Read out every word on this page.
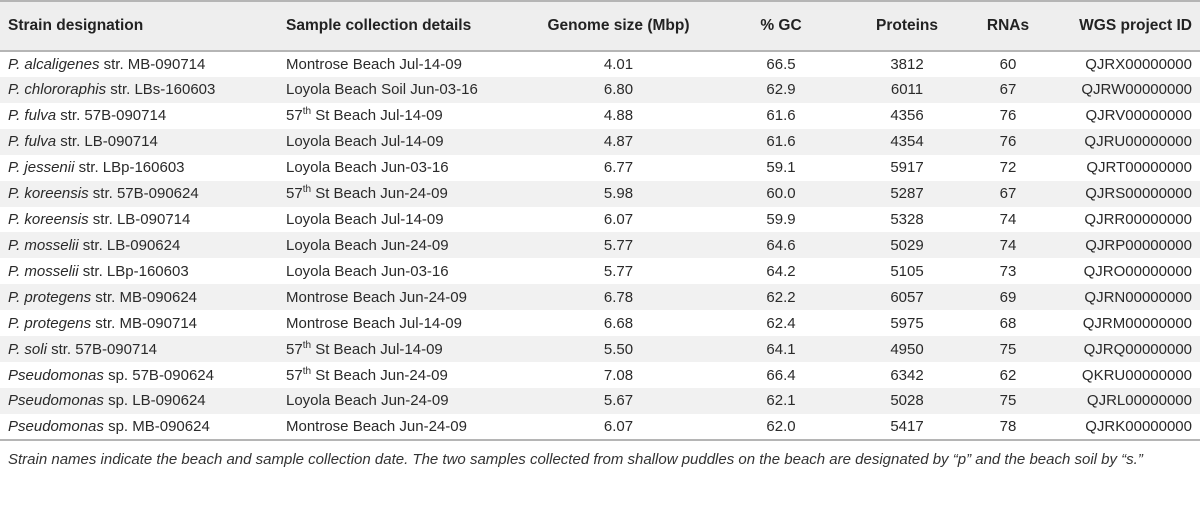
Strain designation	Sample collection details	Genome size (Mbp)	% GC	Proteins	RNAs	WGS project ID
P. alcaligenes str. MB-090714	Montrose Beach Jul-14-09	4.01	66.5	3812	60	QJRX00000000
P. chlororaphis str. LBs-160603	Loyola Beach Soil Jun-03-16	6.80	62.9	6011	67	QJRW00000000
P. fulva str. 57B-090714	57th St Beach Jul-14-09	4.88	61.6	4356	76	QJRV00000000
P. fulva str. LB-090714	Loyola Beach Jul-14-09	4.87	61.6	4354	76	QJRU00000000
P. jessenii str. LBp-160603	Loyola Beach Jun-03-16	6.77	59.1	5917	72	QJRT00000000
P. koreensis str. 57B-090624	57th St Beach Jun-24-09	5.98	60.0	5287	67	QJRS00000000
P. koreensis str. LB-090714	Loyola Beach Jul-14-09	6.07	59.9	5328	74	QJRR00000000
P. mosselii str. LB-090624	Loyola Beach Jun-24-09	5.77	64.6	5029	74	QJRP00000000
P. mosselii str. LBp-160603	Loyola Beach Jun-03-16	5.77	64.2	5105	73	QJRO00000000
P. protegens str. MB-090624	Montrose Beach Jun-24-09	6.78	62.2	6057	69	QJRN00000000
P. protegens str. MB-090714	Montrose Beach Jul-14-09	6.68	62.4	5975	68	QJRM00000000
P. soli str. 57B-090714	57th St Beach Jul-14-09	5.50	64.1	4950	75	QJRQ00000000
Pseudomonas sp. 57B-090624	57th St Beach Jun-24-09	7.08	66.4	6342	62	QKRU00000000
Pseudomonas sp. LB-090624	Loyola Beach Jun-24-09	5.67	62.1	5028	75	QJRL00000000
Pseudomonas sp. MB-090624	Montrose Beach Jun-24-09	6.07	62.0	5417	78	QJRK00000000
Strain names indicate the beach and sample collection date. The two samples collected from shallow puddles on the beach are designated by “p” and the beach soil by “s.”
